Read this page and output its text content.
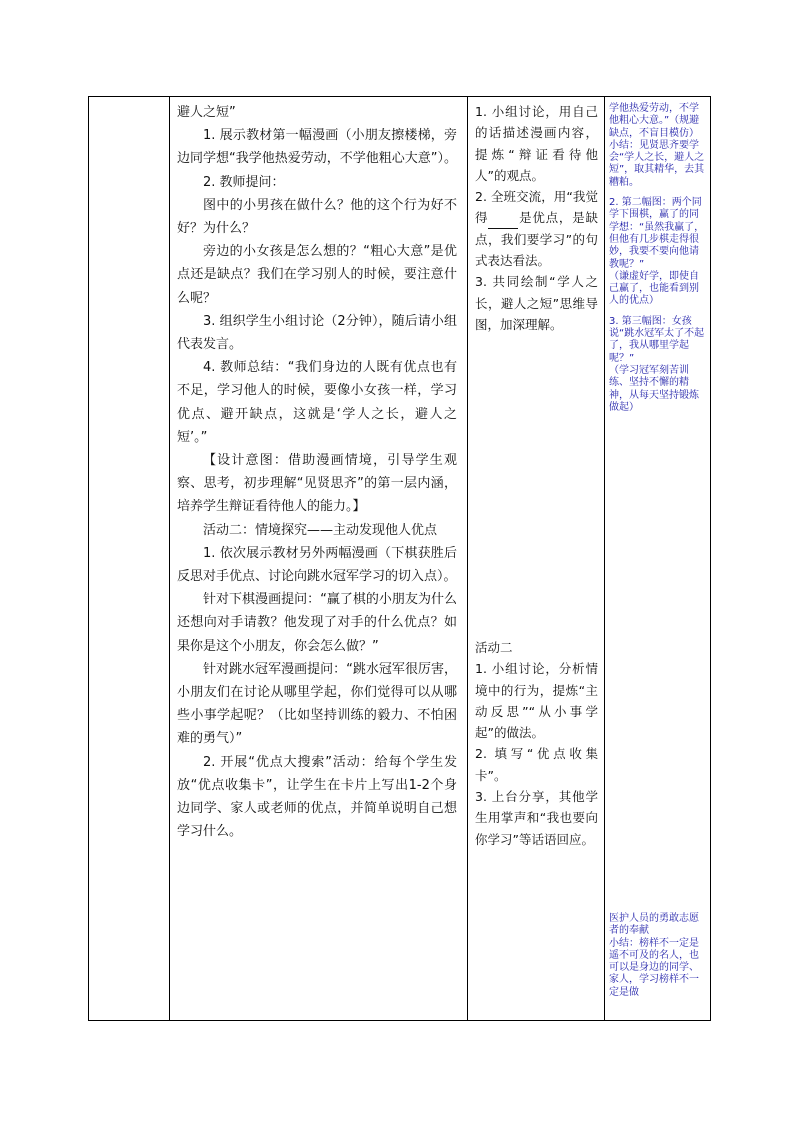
避人之短”

1. 展示教材第一幅漫画（小朋友擦楼梯，旁边同学想“我学他热爱劳动，不学他粗心大意”）。

2. 教师提问：

图中的小男孩在做什么？他的这个行为好不好？为什么？

旁边的小女孩是怎么想的？“粗心大意”是优点还是缺点？我们在学习别人的时候，要注意什么呢？

3. 组织学生小组讨论（2分钟），随后请小组代表发言。

4. 教师总结：“我们身边的人既有优点也有不足，学习他人的时候，要像小女孩一样，学习优点、避开缺点，这就是‘学人之长，避人之短’。”

【设计意图：借助漫画情境，引导学生观察、思考，初步理解“见贤思齐”的第一层内涵，培养学生辩证看待他人的能力。】

活动二：情境探究——主动发现他人优点

1. 依次展示教材另外两幅漫画（下棋获胜后反思对手优点、讨论向跳水冠军学习的切入点）。

针对下棋漫画提问：“赢了棋的小朋友为什么还想向对手请教？他发现了对手的什么优点？如果你是这个小朋友，你会怎么做？”

针对跳水冠军漫画提问：“跳水冠军很厉害，小朋友们在讨论从哪里学起，你们觉得可以从哪些小事学起呢？（比如坚持训练的毅力、不怕困难的勇气）”

2. 开展“优点大搜索”活动：给每个学生发放“优点收集卡”，让学生在卡片上写出1-2个身边同学、家人或老师的优点，并简单说明自己想学习什么。

1. 小组讨论，用自己的话描述漫画内容，提炼“辩证看待他人”的观点。

2. 全班交流，用“我觉得 是优点，是缺点，我们要学习”的句式表达看法。

3. 共同绘制“学人之长，避人之短”思维导图，加深理解。

活动二

1. 小组讨论，分析情境中的行为，提炼“主动反思”“从小事学起”的做法。

2. 填写“优点收集卡”。

3. 上台分享，其他学生用掌声和“我也要向你学习”等话语回应。

学他热爱劳动，不学他粗心大意。”（规避缺点，不盲目模仿）

小结：见贤思齐要学会“学人之长，避人之短”，取其精华，去其糟粕。

2. 第二幅图：两个同学下围棋，赢了的同学想：“虽然我赢了，但他有几步棋走得很妙，我要不要向他请教呢？”

（谦虚好学，即使自己赢了，也能看到别人的优点）

3. 第三幅图：女孩说“跳水冠军太了不起了，我从哪里学起呢？”

（学习冠军刻苦训练、坚持不懈的精神，从每天坚持锻炼做起）

医护人员的勇敢志愿者的奉献

小结：榜样不一定是遥不可及的名人，也可以是身边的同学、家人，学习榜样不一定是做
